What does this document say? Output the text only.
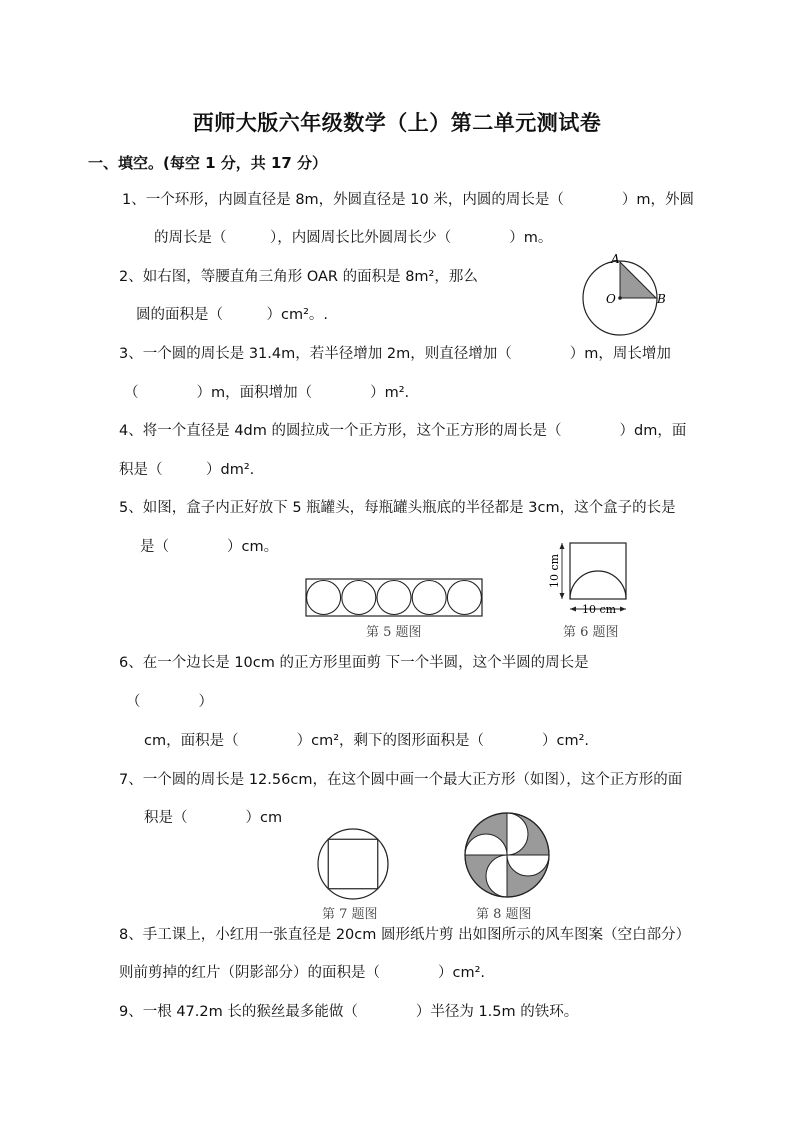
西师大版六年级数学（上）第二单元测试卷
一、填空。(每空 1 分，共 17 分）
1、一个环形，内圆直径是 8m，外圆直径是 10 米，内圆的周长是（　　　　）m，外圆
的周长是（　　　），内圆周长比外圆周长少（　　　　）m。
2、如右图，等腰直角三角形 OAR 的面积是 8m²，那么
圆的面积是（　　　）cm²。.
A
O	B
3、一个圆的周长是 31.4m，若半径增加 2m，则直径增加（　　　　）m，周长增加
（　　　　）m，面积增加（　　　　）m².
4、将一个直径是 4dm 的圆拉成一个正方形，这个正方形的周长是（　　　　）dm，面
积是（　　　）dm².
5、如图，盒子内正好放下 5 瓶罐头，每瓶罐头瓶底的半径都是 3cm，这个盒子的长是
是（　　　　）cm。
第 5 题图
10 cm
10 cm
第 6 题图
6、在一个边长是 10cm 的正方形里面剪 下一个半圆，这个半圆的周长是
（　　　　）
cm，面积是（　　　　）cm²，剩下的图形面积是（　　　　）cm².
7、一个圆的周长是 12.56cm，在这个圆中画一个最大正方形（如图），这个正方形的面
积是（　　　　）cm
第 7 题图	第 8 题图
8、手工课上，小红用一张直径是 20cm 圆形纸片剪 出如图所示的风车图案（空白部分）
则前剪掉的红片（阴影部分）的面积是（　　　　）cm².
9、一根 47.2m 长的猴丝最多能做（　　　　）半径为 1.5m 的铁环。
